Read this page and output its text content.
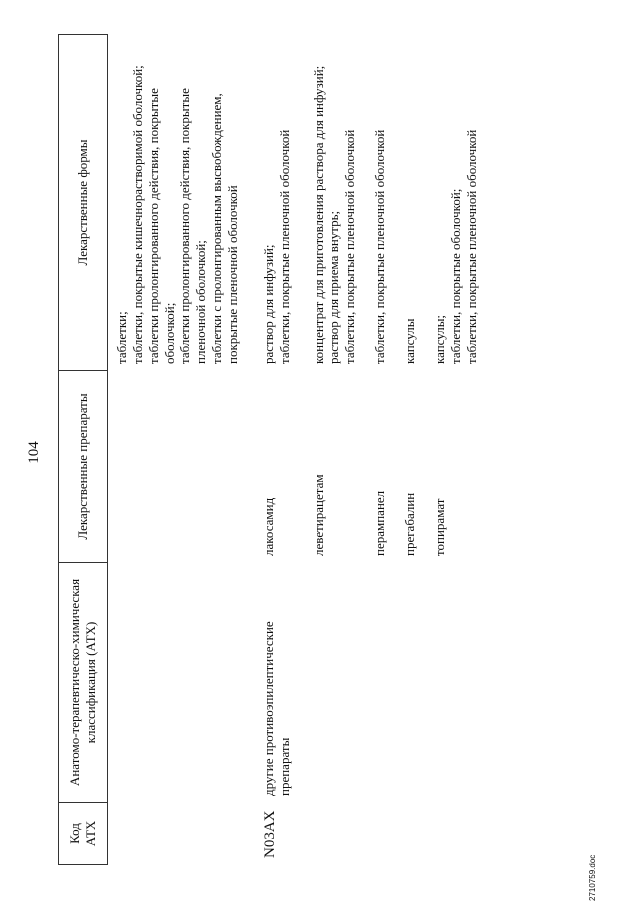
104
Код АТХ	Анатомо-терапевтическо-химическая классификация (АТХ)	Лекарственные препараты	Лекарственные формы

			таблетки; таблетки, покрытые кишечнорастворимой оболочкой; таблетки пролонгированного действия, покрытые оболочкой; таблетки пролонгированного действия, покрытые пленочной оболочкой; таблетки с пролонгированным высвобождением, покрытые пленочной оболочкой

N03AX	другие противоэпилептические препараты	лакосамид	раствор для инфузий; таблетки, покрытые пленочной оболочкой

		леветирацетам	концентрат для приготовления раствора для инфузий; раствор для приема внутрь; таблетки, покрытые пленочной оболочкой

		перампанел	таблетки, покрытые пленочной оболочкой

		прегабалин	капсулы

		топирамат	капсулы; таблетки, покрытые оболочкой; таблетки, покрытые пленочной оболочкой
2710759.doc
